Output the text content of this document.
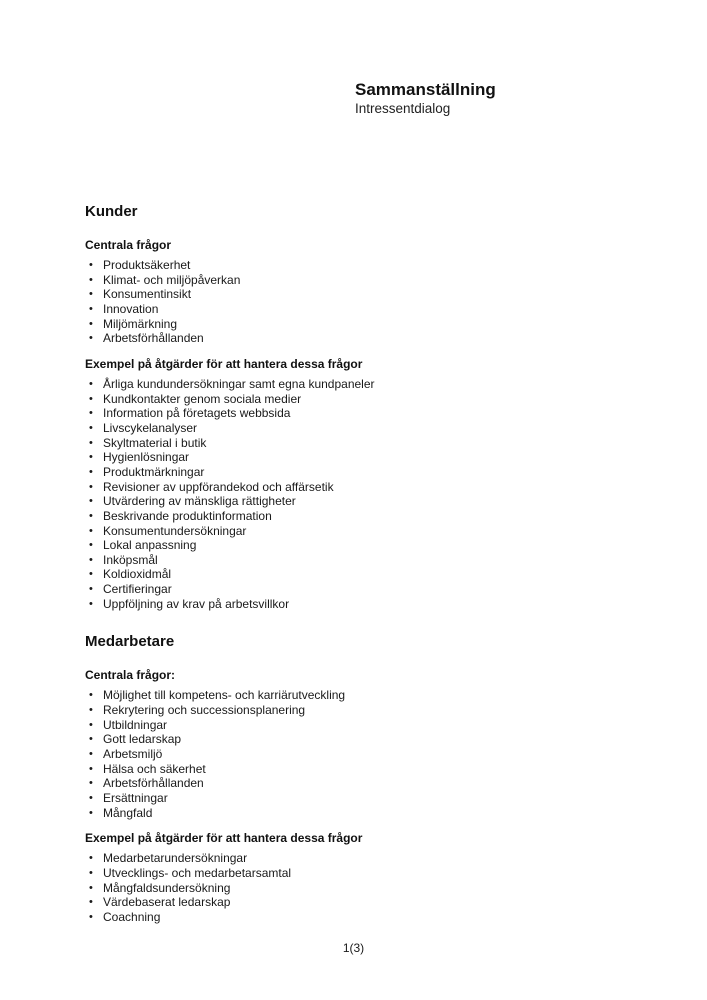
Sammanställning
Intressentdialog
Kunder
Centrala frågor
• Produktsäkerhet
• Klimat- och miljöpåverkan
• Konsumentinsikt
• Innovation
• Miljömärkning
• Arbetsförhållanden
Exempel på åtgärder för att hantera dessa frågor
• Årliga kundundersökningar samt egna kundpaneler
• Kundkontakter genom sociala medier
• Information på företagets webbsida
• Livscykelanalyser
• Skyltmaterial i butik
• Hygienlösningar
• Produktmärkningar
• Revisioner av uppförandekod och affärsetik
• Utvärdering av mänskliga rättigheter
• Beskrivande produktinformation
• Konsumentundersökningar
• Lokal anpassning
• Inköpsmål
• Koldioxidmål
• Certifieringar
• Uppföljning av krav på arbetsvillkor
Medarbetare
Centrala frågor:
• Möjlighet till kompetens- och karriärutveckling
• Rekrytering och successionsplanering
• Utbildningar
• Gott ledarskap
• Arbetsmiljö
• Hälsa och säkerhet
• Arbetsförhållanden
• Ersättningar
• Mångfald
Exempel på åtgärder för att hantera dessa frågor
• Medarbetarundersökningar
• Utvecklings- och medarbetarsamtal
• Mångfaldsundersökning
• Värdebaserat ledarskap
• Coachning
1(3)
